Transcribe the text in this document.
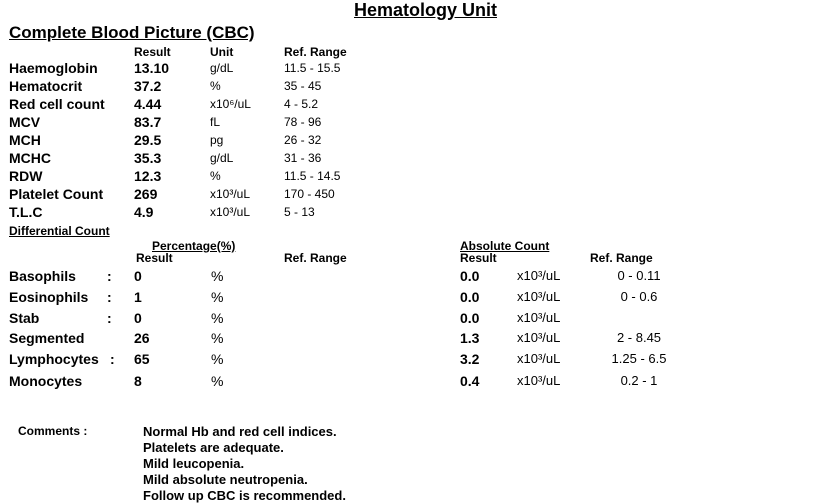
Hematology Unit
Complete Blood Picture (CBC)
Result	Unit	Ref. Range
Haemoglobin	13.10	g/dL	11.5 - 15.5
Hematocrit	37.2	%	35 - 45
Red cell count 4.44	x10⁶/uL	4 - 5.2
MCV	83.7	fL	78 - 96
MCH	29.5	pg	26 - 32
MCHC	35.3	g/dL	31 - 36
RDW	12.3	%	11.5 - 14.5
Platelet Count 269	x10³/uL	170 - 450
T.L.C	4.9	x10³/uL	5 - 13
Differential Count
Percentage(%)
Result	Ref. Range
Absolute Count
Result	Ref. Range
Basophils : 0	%	0.0	x10³/uL	0 - 0.11
Eosinophils : 1	%	0.0	x10³/uL	0 - 0.6
Stab	: 0	%	0.0	x10³/uL
Segmented	26	%	1.3	x10³/uL	2 - 8.45
Lymphocytes : 65	%	3.2	x10³/uL	1.25 - 6.5
Monocytes	8	%	0.4	x10³/uL	0.2 - 1
Comments :	Normal Hb and red cell indices.
Platelets are adequate.
Mild leucopenia.
Mild absolute neutropenia.
Follow up CBC is recommended.
